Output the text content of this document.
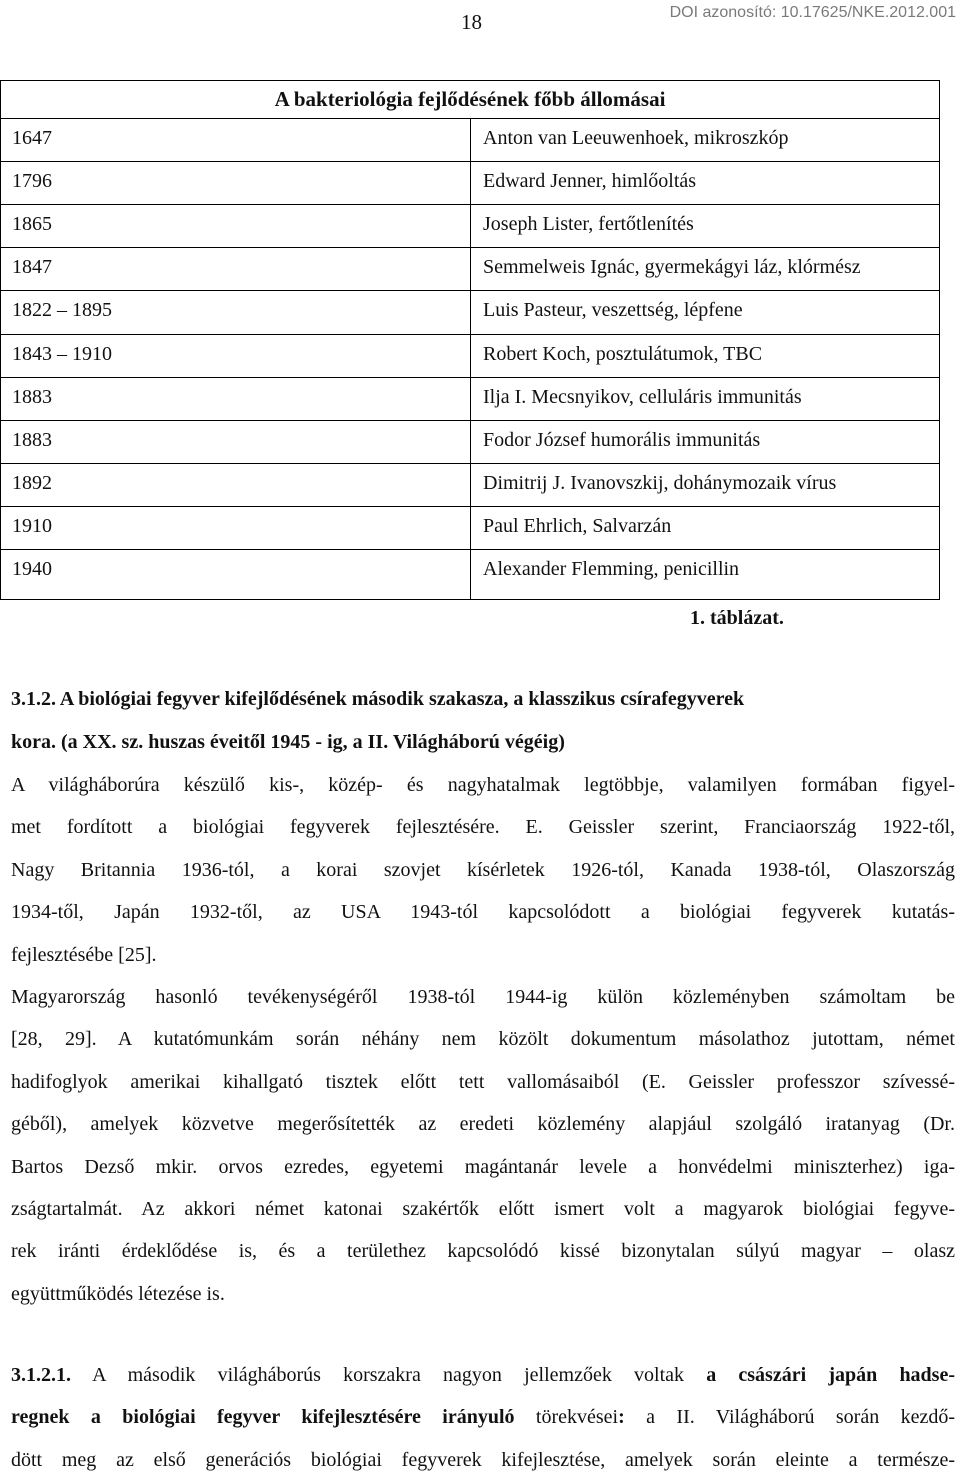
18	DOI azonosító: 10.17625/NKE.2012.001
A bakteriológia fejlődésének főbb állomásai
1647	Anton van Leeuwenhoek, mikroszkóp
1796	Edward Jenner, himlőoltás
1865	Joseph Lister, fertőtlenítés
1847	Semmelweis Ignác, gyermekágyi láz, klórmész
1822 – 1895	Luis Pasteur, veszettség, lépfene
1843 – 1910	Robert Koch, posztulátumok, TBC
1883	Ilja I. Mecsnyikov, celluláris immunitás
1883	Fodor József humorális immunitás
1892	Dimitrij J. Ivanovszkij, dohánymozaik vírus
1910	Paul Ehrlich, Salvarzán
1940	Alexander Flemming, penicillin
1. táblázat.
3.1.2. A biológiai fegyver kifejlődésének második szakasza, a klasszikus csírafegyverek
kora. (a XX. sz. huszas éveitől 1945 - ig, a II. Világháború végéig)
A világháborúra készülő kis-, közép- és nagyhatalmak legtöbbje, valamilyen formában figyel-
met fordított a biológiai fegyverek fejlesztésére. E. Geissler szerint, Franciaország 1922-től,
Nagy Britannia 1936-tól, a korai szovjet kísérletek 1926-tól, Kanada 1938-tól, Olaszország
1934-től, Japán 1932-től, az USA 1943-tól kapcsolódott a biológiai fegyverek kutatás-
fejlesztésébe [25].
Magyarország hasonló tevékenységéről 1938-tól 1944-ig külön közleményben számoltam be
[28, 29]. A kutatómunkám során néhány nem közölt dokumentum másolathoz jutottam, német
hadifoglyok amerikai kihallgató tisztek előtt tett vallomásaiból (E. Geissler professzor szívessé-
géből), amelyek közvetve megerősítették az eredeti közlemény alapjául szolgáló iratanyag (Dr.
Bartos Dezső mkir. orvos ezredes, egyetemi magántanár levele a honvédelmi miniszterhez) iga-
zságtartalmát. Az akkori német katonai szakértők előtt ismert volt a magyarok biológiai fegyve-
rek iránti érdeklődése is, és a területhez kapcsolódó kissé bizonytalan súlyú magyar – olasz
együttműködés létezése is.
3.1.2.1. A második világháborús korszakra nagyon jellemzőek voltak a császári japán hadse-
regnek a biológiai fegyver kifejlesztésére irányuló törekvései: a II. Világháború során kezdő-
dött meg az első generációs biológiai fegyverek kifejlesztése, amelyek során eleinte a természe-
